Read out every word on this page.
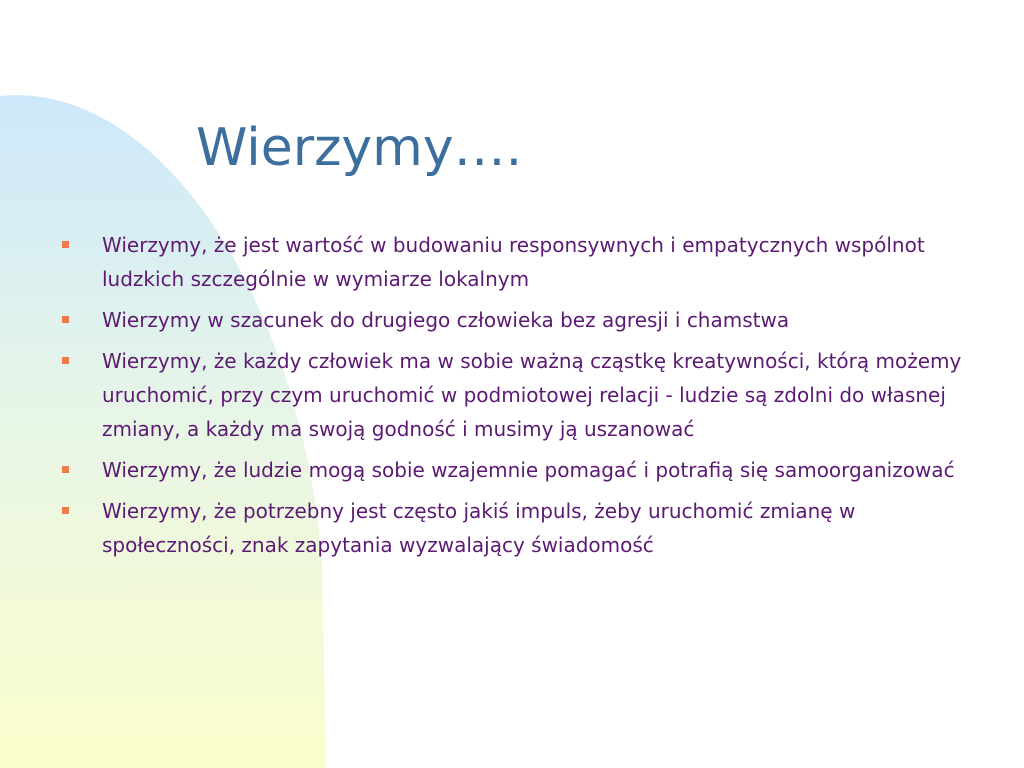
Wierzymy….
Wierzymy, że jest wartość w budowaniu responsywnych i empatycznych wspólnot ludzkich szczególnie w wymiarze lokalnym
Wierzymy w szacunek do drugiego człowieka bez agresji i chamstwa
Wierzymy, że każdy człowiek ma w sobie ważną cząstkę kreatywności, którą możemy uruchomić, przy czym uruchomić w podmiotowej relacji - ludzie są zdolni do własnej zmiany, a każdy ma swoją godność i musimy ją uszanować
Wierzymy, że ludzie mogą sobie wzajemnie pomagać i potrafią się samoorganizować
Wierzymy, że potrzebny jest często jakiś impuls, żeby uruchomić zmianę w społeczności, znak zapytania wyzwalający świadomość
